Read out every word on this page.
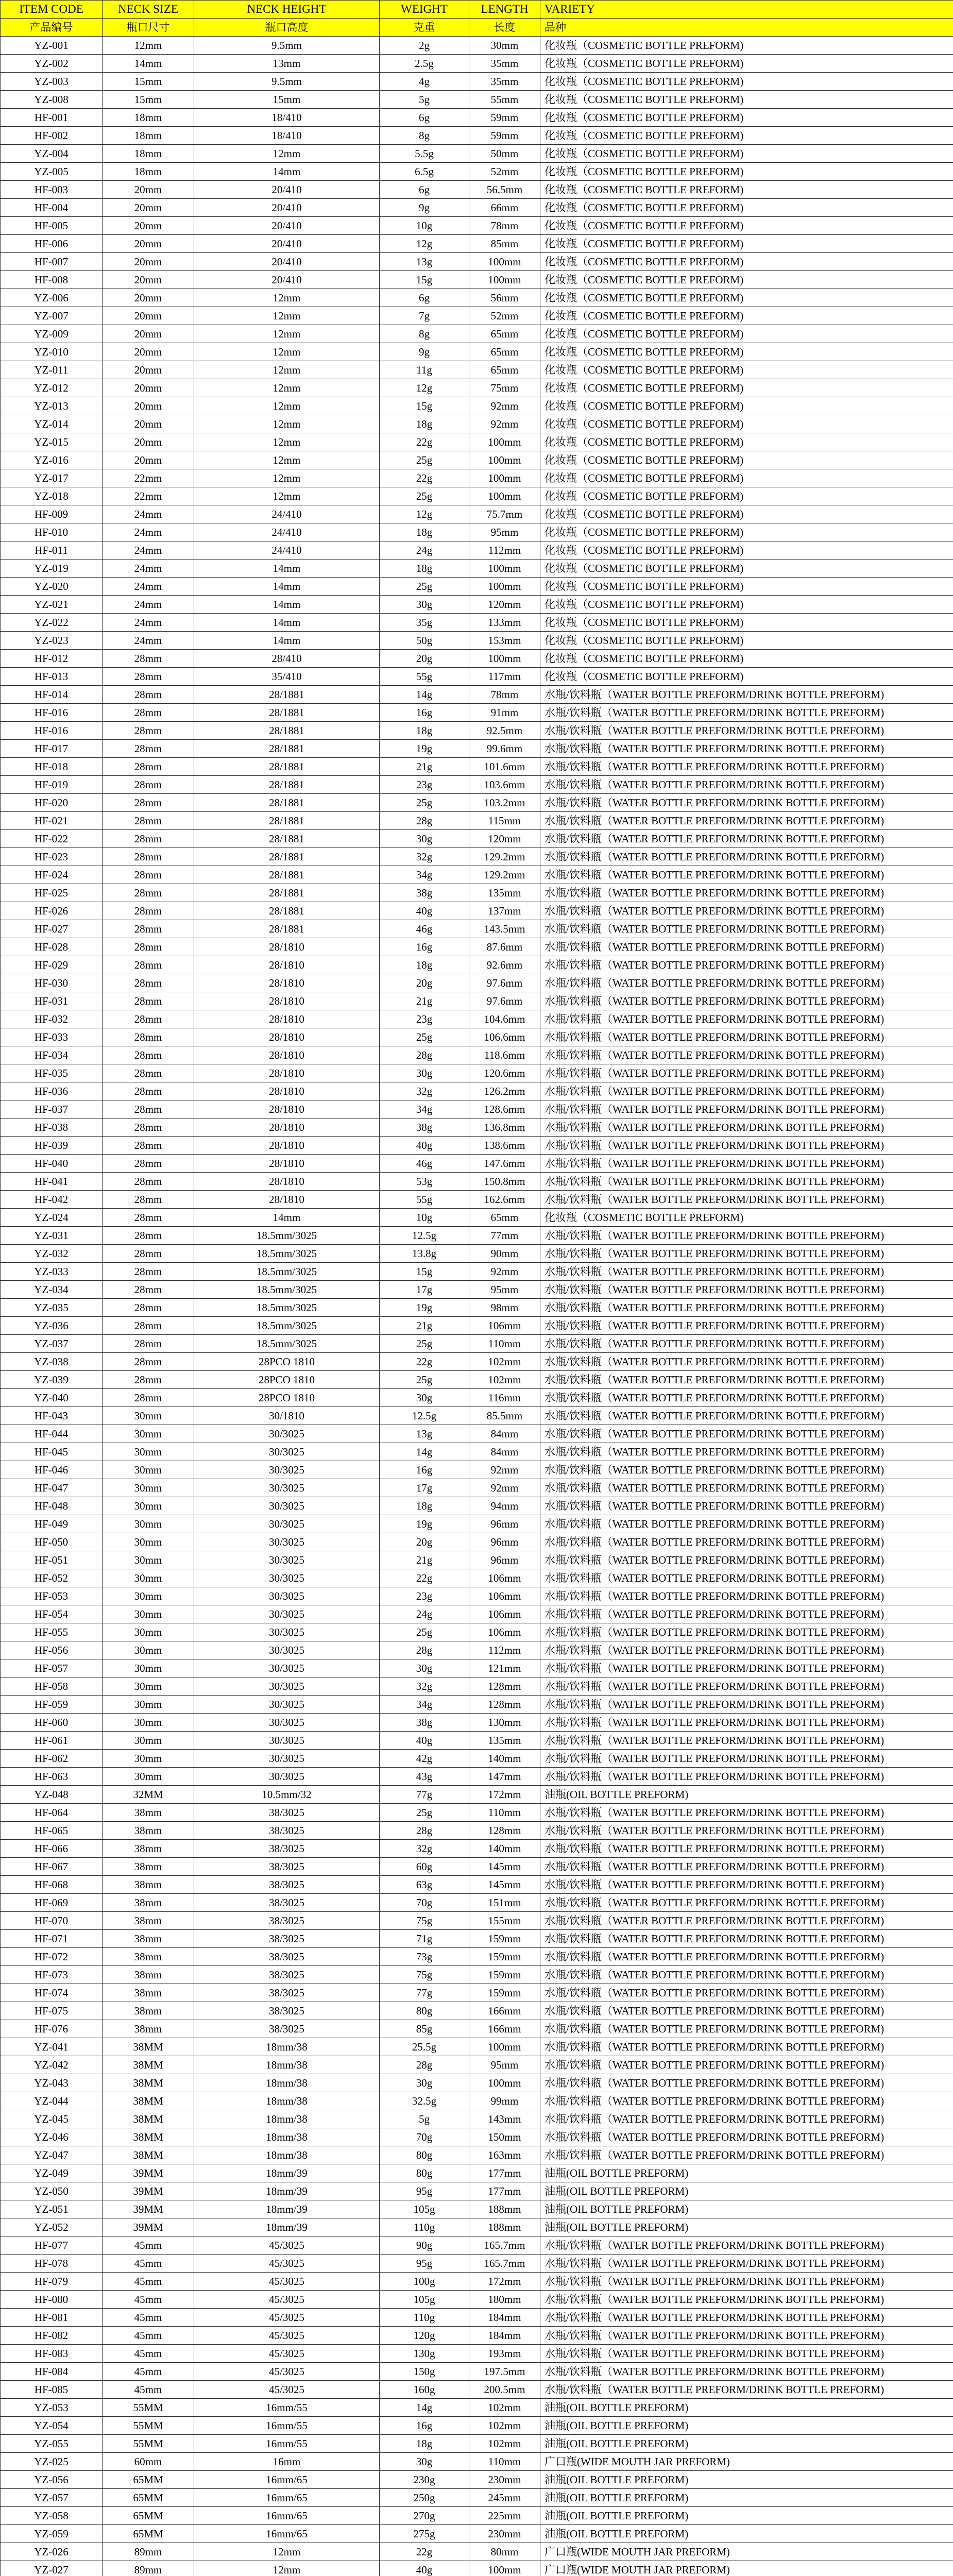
ITEM CODE	NECK SIZE	NECK HEIGHT	WEIGHT	LENGTH	VARIETY
产品编号	瓶口尺寸	瓶口高度	克重	长度	品种
YZ-001	12mm	9.5mm	2g	30mm	化妆瓶（COSMETIC BOTTLE PREFORM)
YZ-002	14mm	13mm	2.5g	35mm	化妆瓶（COSMETIC BOTTLE PREFORM)
YZ-003	15mm	9.5mm	4g	35mm	化妆瓶（COSMETIC BOTTLE PREFORM)
YZ-008	15mm	15mm	5g	55mm	化妆瓶（COSMETIC BOTTLE PREFORM)
HF-001	18mm	18/410	6g	59mm	化妆瓶（COSMETIC BOTTLE PREFORM)
HF-002	18mm	18/410	8g	59mm	化妆瓶（COSMETIC BOTTLE PREFORM)
YZ-004	18mm	12mm	5.5g	50mm	化妆瓶（COSMETIC BOTTLE PREFORM)
YZ-005	18mm	14mm	6.5g	52mm	化妆瓶（COSMETIC BOTTLE PREFORM)
HF-003	20mm	20/410	6g	56.5mm	化妆瓶（COSMETIC BOTTLE PREFORM)
HF-004	20mm	20/410	9g	66mm	化妆瓶（COSMETIC BOTTLE PREFORM)
HF-005	20mm	20/410	10g	78mm	化妆瓶（COSMETIC BOTTLE PREFORM)
HF-006	20mm	20/410	12g	85mm	化妆瓶（COSMETIC BOTTLE PREFORM)
HF-007	20mm	20/410	13g	100mm	化妆瓶（COSMETIC BOTTLE PREFORM)
HF-008	20mm	20/410	15g	100mm	化妆瓶（COSMETIC BOTTLE PREFORM)
YZ-006	20mm	12mm	6g	56mm	化妆瓶（COSMETIC BOTTLE PREFORM)
YZ-007	20mm	12mm	7g	52mm	化妆瓶（COSMETIC BOTTLE PREFORM)
YZ-009	20mm	12mm	8g	65mm	化妆瓶（COSMETIC BOTTLE PREFORM)
YZ-010	20mm	12mm	9g	65mm	化妆瓶（COSMETIC BOTTLE PREFORM)
YZ-011	20mm	12mm	11g	65mm	化妆瓶（COSMETIC BOTTLE PREFORM)
YZ-012	20mm	12mm	12g	75mm	化妆瓶（COSMETIC BOTTLE PREFORM)
YZ-013	20mm	12mm	15g	92mm	化妆瓶（COSMETIC BOTTLE PREFORM)
YZ-014	20mm	12mm	18g	92mm	化妆瓶（COSMETIC BOTTLE PREFORM)
YZ-015	20mm	12mm	22g	100mm	化妆瓶（COSMETIC BOTTLE PREFORM)
YZ-016	20mm	12mm	25g	100mm	化妆瓶（COSMETIC BOTTLE PREFORM)
YZ-017	22mm	12mm	22g	100mm	化妆瓶（COSMETIC BOTTLE PREFORM)
YZ-018	22mm	12mm	25g	100mm	化妆瓶（COSMETIC BOTTLE PREFORM)
HF-009	24mm	24/410	12g	75.7mm	化妆瓶（COSMETIC BOTTLE PREFORM)
HF-010	24mm	24/410	18g	95mm	化妆瓶（COSMETIC BOTTLE PREFORM)
HF-011	24mm	24/410	24g	112mm	化妆瓶（COSMETIC BOTTLE PREFORM)
YZ-019	24mm	14mm	18g	100mm	化妆瓶（COSMETIC BOTTLE PREFORM)
YZ-020	24mm	14mm	25g	100mm	化妆瓶（COSMETIC BOTTLE PREFORM)
YZ-021	24mm	14mm	30g	120mm	化妆瓶（COSMETIC BOTTLE PREFORM)
YZ-022	24mm	14mm	35g	133mm	化妆瓶（COSMETIC BOTTLE PREFORM)
YZ-023	24mm	14mm	50g	153mm	化妆瓶（COSMETIC BOTTLE PREFORM)
HF-012	28mm	28/410	20g	100mm	化妆瓶（COSMETIC BOTTLE PREFORM)
HF-013	28mm	35/410	55g	117mm	化妆瓶（COSMETIC BOTTLE PREFORM)
HF-014	28mm	28/1881	14g	78mm	水瓶/饮料瓶（WATER BOTTLE PREFORM/DRINK BOTTLE PREFORM)
HF-016	28mm	28/1881	16g	91mm	水瓶/饮料瓶（WATER BOTTLE PREFORM/DRINK BOTTLE PREFORM)
HF-016	28mm	28/1881	18g	92.5mm	水瓶/饮料瓶（WATER BOTTLE PREFORM/DRINK BOTTLE PREFORM)
HF-017	28mm	28/1881	19g	99.6mm	水瓶/饮料瓶（WATER BOTTLE PREFORM/DRINK BOTTLE PREFORM)
HF-018	28mm	28/1881	21g	101.6mm	水瓶/饮料瓶（WATER BOTTLE PREFORM/DRINK BOTTLE PREFORM)
HF-019	28mm	28/1881	23g	103.6mm	水瓶/饮料瓶（WATER BOTTLE PREFORM/DRINK BOTTLE PREFORM)
HF-020	28mm	28/1881	25g	103.2mm	水瓶/饮料瓶（WATER BOTTLE PREFORM/DRINK BOTTLE PREFORM)
HF-021	28mm	28/1881	28g	115mm	水瓶/饮料瓶（WATER BOTTLE PREFORM/DRINK BOTTLE PREFORM)
HF-022	28mm	28/1881	30g	120mm	水瓶/饮料瓶（WATER BOTTLE PREFORM/DRINK BOTTLE PREFORM)
HF-023	28mm	28/1881	32g	129.2mm	水瓶/饮料瓶（WATER BOTTLE PREFORM/DRINK BOTTLE PREFORM)
HF-024	28mm	28/1881	34g	129.2mm	水瓶/饮料瓶（WATER BOTTLE PREFORM/DRINK BOTTLE PREFORM)
HF-025	28mm	28/1881	38g	135mm	水瓶/饮料瓶（WATER BOTTLE PREFORM/DRINK BOTTLE PREFORM)
HF-026	28mm	28/1881	40g	137mm	水瓶/饮料瓶（WATER BOTTLE PREFORM/DRINK BOTTLE PREFORM)
HF-027	28mm	28/1881	46g	143.5mm	水瓶/饮料瓶（WATER BOTTLE PREFORM/DRINK BOTTLE PREFORM)
HF-028	28mm	28/1810	16g	87.6mm	水瓶/饮料瓶（WATER BOTTLE PREFORM/DRINK BOTTLE PREFORM)
HF-029	28mm	28/1810	18g	92.6mm	水瓶/饮料瓶（WATER BOTTLE PREFORM/DRINK BOTTLE PREFORM)
HF-030	28mm	28/1810	20g	97.6mm	水瓶/饮料瓶（WATER BOTTLE PREFORM/DRINK BOTTLE PREFORM)
HF-031	28mm	28/1810	21g	97.6mm	水瓶/饮料瓶（WATER BOTTLE PREFORM/DRINK BOTTLE PREFORM)
HF-032	28mm	28/1810	23g	104.6mm	水瓶/饮料瓶（WATER BOTTLE PREFORM/DRINK BOTTLE PREFORM)
HF-033	28mm	28/1810	25g	106.6mm	水瓶/饮料瓶（WATER BOTTLE PREFORM/DRINK BOTTLE PREFORM)
HF-034	28mm	28/1810	28g	118.6mm	水瓶/饮料瓶（WATER BOTTLE PREFORM/DRINK BOTTLE PREFORM)
HF-035	28mm	28/1810	30g	120.6mm	水瓶/饮料瓶（WATER BOTTLE PREFORM/DRINK BOTTLE PREFORM)
HF-036	28mm	28/1810	32g	126.2mm	水瓶/饮料瓶（WATER BOTTLE PREFORM/DRINK BOTTLE PREFORM)
HF-037	28mm	28/1810	34g	128.6mm	水瓶/饮料瓶（WATER BOTTLE PREFORM/DRINK BOTTLE PREFORM)
HF-038	28mm	28/1810	38g	136.8mm	水瓶/饮料瓶（WATER BOTTLE PREFORM/DRINK BOTTLE PREFORM)
HF-039	28mm	28/1810	40g	138.6mm	水瓶/饮料瓶（WATER BOTTLE PREFORM/DRINK BOTTLE PREFORM)
HF-040	28mm	28/1810	46g	147.6mm	水瓶/饮料瓶（WATER BOTTLE PREFORM/DRINK BOTTLE PREFORM)
HF-041	28mm	28/1810	53g	150.8mm	水瓶/饮料瓶（WATER BOTTLE PREFORM/DRINK BOTTLE PREFORM)
HF-042	28mm	28/1810	55g	162.6mm	水瓶/饮料瓶（WATER BOTTLE PREFORM/DRINK BOTTLE PREFORM)
YZ-024	28mm	14mm	10g	65mm	化妆瓶（COSMETIC BOTTLE PREFORM)
YZ-031	28mm	18.5mm/3025	12.5g	77mm	水瓶/饮料瓶（WATER BOTTLE PREFORM/DRINK BOTTLE PREFORM)
YZ-032	28mm	18.5mm/3025	13.8g	90mm	水瓶/饮料瓶（WATER BOTTLE PREFORM/DRINK BOTTLE PREFORM)
YZ-033	28mm	18.5mm/3025	15g	92mm	水瓶/饮料瓶（WATER BOTTLE PREFORM/DRINK BOTTLE PREFORM)
YZ-034	28mm	18.5mm/3025	17g	95mm	水瓶/饮料瓶（WATER BOTTLE PREFORM/DRINK BOTTLE PREFORM)
YZ-035	28mm	18.5mm/3025	19g	98mm	水瓶/饮料瓶（WATER BOTTLE PREFORM/DRINK BOTTLE PREFORM)
YZ-036	28mm	18.5mm/3025	21g	106mm	水瓶/饮料瓶（WATER BOTTLE PREFORM/DRINK BOTTLE PREFORM)
YZ-037	28mm	18.5mm/3025	25g	110mm	水瓶/饮料瓶（WATER BOTTLE PREFORM/DRINK BOTTLE PREFORM)
YZ-038	28mm	28PCO 1810	22g	102mm	水瓶/饮料瓶（WATER BOTTLE PREFORM/DRINK BOTTLE PREFORM)
YZ-039	28mm	28PCO 1810	25g	102mm	水瓶/饮料瓶（WATER BOTTLE PREFORM/DRINK BOTTLE PREFORM)
YZ-040	28mm	28PCO 1810	30g	116mm	水瓶/饮料瓶（WATER BOTTLE PREFORM/DRINK BOTTLE PREFORM)
HF-043	30mm	30/1810	12.5g	85.5mm	水瓶/饮料瓶（WATER BOTTLE PREFORM/DRINK BOTTLE PREFORM)
HF-044	30mm	30/3025	13g	84mm	水瓶/饮料瓶（WATER BOTTLE PREFORM/DRINK BOTTLE PREFORM)
HF-045	30mm	30/3025	14g	84mm	水瓶/饮料瓶（WATER BOTTLE PREFORM/DRINK BOTTLE PREFORM)
HF-046	30mm	30/3025	16g	92mm	水瓶/饮料瓶（WATER BOTTLE PREFORM/DRINK BOTTLE PREFORM)
HF-047	30mm	30/3025	17g	92mm	水瓶/饮料瓶（WATER BOTTLE PREFORM/DRINK BOTTLE PREFORM)
HF-048	30mm	30/3025	18g	94mm	水瓶/饮料瓶（WATER BOTTLE PREFORM/DRINK BOTTLE PREFORM)
HF-049	30mm	30/3025	19g	96mm	水瓶/饮料瓶（WATER BOTTLE PREFORM/DRINK BOTTLE PREFORM)
HF-050	30mm	30/3025	20g	96mm	水瓶/饮料瓶（WATER BOTTLE PREFORM/DRINK BOTTLE PREFORM)
HF-051	30mm	30/3025	21g	96mm	水瓶/饮料瓶（WATER BOTTLE PREFORM/DRINK BOTTLE PREFORM)
HF-052	30mm	30/3025	22g	106mm	水瓶/饮料瓶（WATER BOTTLE PREFORM/DRINK BOTTLE PREFORM)
HF-053	30mm	30/3025	23g	106mm	水瓶/饮料瓶（WATER BOTTLE PREFORM/DRINK BOTTLE PREFORM)
HF-054	30mm	30/3025	24g	106mm	水瓶/饮料瓶（WATER BOTTLE PREFORM/DRINK BOTTLE PREFORM)
HF-055	30mm	30/3025	25g	106mm	水瓶/饮料瓶（WATER BOTTLE PREFORM/DRINK BOTTLE PREFORM)
HF-056	30mm	30/3025	28g	112mm	水瓶/饮料瓶（WATER BOTTLE PREFORM/DRINK BOTTLE PREFORM)
HF-057	30mm	30/3025	30g	121mm	水瓶/饮料瓶（WATER BOTTLE PREFORM/DRINK BOTTLE PREFORM)
HF-058	30mm	30/3025	32g	128mm	水瓶/饮料瓶（WATER BOTTLE PREFORM/DRINK BOTTLE PREFORM)
HF-059	30mm	30/3025	34g	128mm	水瓶/饮料瓶（WATER BOTTLE PREFORM/DRINK BOTTLE PREFORM)
HF-060	30mm	30/3025	38g	130mm	水瓶/饮料瓶（WATER BOTTLE PREFORM/DRINK BOTTLE PREFORM)
HF-061	30mm	30/3025	40g	135mm	水瓶/饮料瓶（WATER BOTTLE PREFORM/DRINK BOTTLE PREFORM)
HF-062	30mm	30/3025	42g	140mm	水瓶/饮料瓶（WATER BOTTLE PREFORM/DRINK BOTTLE PREFORM)
HF-063	30mm	30/3025	43g	147mm	水瓶/饮料瓶（WATER BOTTLE PREFORM/DRINK BOTTLE PREFORM)
YZ-048	32MM	10.5mm/32	77g	172mm	油瓶(OIL BOTTLE PREFORM)
HF-064	38mm	38/3025	25g	110mm	水瓶/饮料瓶（WATER BOTTLE PREFORM/DRINK BOTTLE PREFORM)
HF-065	38mm	38/3025	28g	128mm	水瓶/饮料瓶（WATER BOTTLE PREFORM/DRINK BOTTLE PREFORM)
HF-066	38mm	38/3025	32g	140mm	水瓶/饮料瓶（WATER BOTTLE PREFORM/DRINK BOTTLE PREFORM)
HF-067	38mm	38/3025	60g	145mm	水瓶/饮料瓶（WATER BOTTLE PREFORM/DRINK BOTTLE PREFORM)
HF-068	38mm	38/3025	63g	145mm	水瓶/饮料瓶（WATER BOTTLE PREFORM/DRINK BOTTLE PREFORM)
HF-069	38mm	38/3025	70g	151mm	水瓶/饮料瓶（WATER BOTTLE PREFORM/DRINK BOTTLE PREFORM)
HF-070	38mm	38/3025	75g	155mm	水瓶/饮料瓶（WATER BOTTLE PREFORM/DRINK BOTTLE PREFORM)
HF-071	38mm	38/3025	71g	159mm	水瓶/饮料瓶（WATER BOTTLE PREFORM/DRINK BOTTLE PREFORM)
HF-072	38mm	38/3025	73g	159mm	水瓶/饮料瓶（WATER BOTTLE PREFORM/DRINK BOTTLE PREFORM)
HF-073	38mm	38/3025	75g	159mm	水瓶/饮料瓶（WATER BOTTLE PREFORM/DRINK BOTTLE PREFORM)
HF-074	38mm	38/3025	77g	159mm	水瓶/饮料瓶（WATER BOTTLE PREFORM/DRINK BOTTLE PREFORM)
HF-075	38mm	38/3025	80g	166mm	水瓶/饮料瓶（WATER BOTTLE PREFORM/DRINK BOTTLE PREFORM)
HF-076	38mm	38/3025	85g	166mm	水瓶/饮料瓶（WATER BOTTLE PREFORM/DRINK BOTTLE PREFORM)
YZ-041	38MM	18mm/38	25.5g	100mm	水瓶/饮料瓶（WATER BOTTLE PREFORM/DRINK BOTTLE PREFORM)
YZ-042	38MM	18mm/38	28g	95mm	水瓶/饮料瓶（WATER BOTTLE PREFORM/DRINK BOTTLE PREFORM)
YZ-043	38MM	18mm/38	30g	100mm	水瓶/饮料瓶（WATER BOTTLE PREFORM/DRINK BOTTLE PREFORM)
YZ-044	38MM	18mm/38	32.5g	99mm	水瓶/饮料瓶（WATER BOTTLE PREFORM/DRINK BOTTLE PREFORM)
YZ-045	38MM	18mm/38	5g	143mm	水瓶/饮料瓶（WATER BOTTLE PREFORM/DRINK BOTTLE PREFORM)
YZ-046	38MM	18mm/38	70g	150mm	水瓶/饮料瓶（WATER BOTTLE PREFORM/DRINK BOTTLE PREFORM)
YZ-047	38MM	18mm/38	80g	163mm	水瓶/饮料瓶（WATER BOTTLE PREFORM/DRINK BOTTLE PREFORM)
YZ-049	39MM	18mm/39	80g	177mm	油瓶(OIL BOTTLE PREFORM)
YZ-050	39MM	18mm/39	95g	177mm	油瓶(OIL BOTTLE PREFORM)
YZ-051	39MM	18mm/39	105g	188mm	油瓶(OIL BOTTLE PREFORM)
YZ-052	39MM	18mm/39	110g	188mm	油瓶(OIL BOTTLE PREFORM)
HF-077	45mm	45/3025	90g	165.7mm	水瓶/饮料瓶（WATER BOTTLE PREFORM/DRINK BOTTLE PREFORM)
HF-078	45mm	45/3025	95g	165.7mm	水瓶/饮料瓶（WATER BOTTLE PREFORM/DRINK BOTTLE PREFORM)
HF-079	45mm	45/3025	100g	172mm	水瓶/饮料瓶（WATER BOTTLE PREFORM/DRINK BOTTLE PREFORM)
HF-080	45mm	45/3025	105g	180mm	水瓶/饮料瓶（WATER BOTTLE PREFORM/DRINK BOTTLE PREFORM)
HF-081	45mm	45/3025	110g	184mm	水瓶/饮料瓶（WATER BOTTLE PREFORM/DRINK BOTTLE PREFORM)
HF-082	45mm	45/3025	120g	184mm	水瓶/饮料瓶（WATER BOTTLE PREFORM/DRINK BOTTLE PREFORM)
HF-083	45mm	45/3025	130g	193mm	水瓶/饮料瓶（WATER BOTTLE PREFORM/DRINK BOTTLE PREFORM)
HF-084	45mm	45/3025	150g	197.5mm	水瓶/饮料瓶（WATER BOTTLE PREFORM/DRINK BOTTLE PREFORM)
HF-085	45mm	45/3025	160g	200.5mm	水瓶/饮料瓶（WATER BOTTLE PREFORM/DRINK BOTTLE PREFORM)
YZ-053	55MM	16mm/55	14g	102mm	油瓶(OIL BOTTLE PREFORM)
YZ-054	55MM	16mm/55	16g	102mm	油瓶(OIL BOTTLE PREFORM)
YZ-055	55MM	16mm/55	18g	102mm	油瓶(OIL BOTTLE PREFORM)
YZ-025	60mm	16mm	30g	110mm	广口瓶(WIDE MOUTH JAR PREFORM)
YZ-056	65MM	16mm/65	230g	230mm	油瓶(OIL BOTTLE PREFORM)
YZ-057	65MM	16mm/65	250g	245mm	油瓶(OIL BOTTLE PREFORM)
YZ-058	65MM	16mm/65	270g	225mm	油瓶(OIL BOTTLE PREFORM)
YZ-059	65MM	16mm/65	275g	230mm	油瓶(OIL BOTTLE PREFORM)
YZ-026	89mm	12mm	22g	80mm	广口瓶(WIDE MOUTH JAR PREFORM)
YZ-027	89mm	12mm	40g	100mm	广口瓶(WIDE MOUTH JAR PREFORM)
